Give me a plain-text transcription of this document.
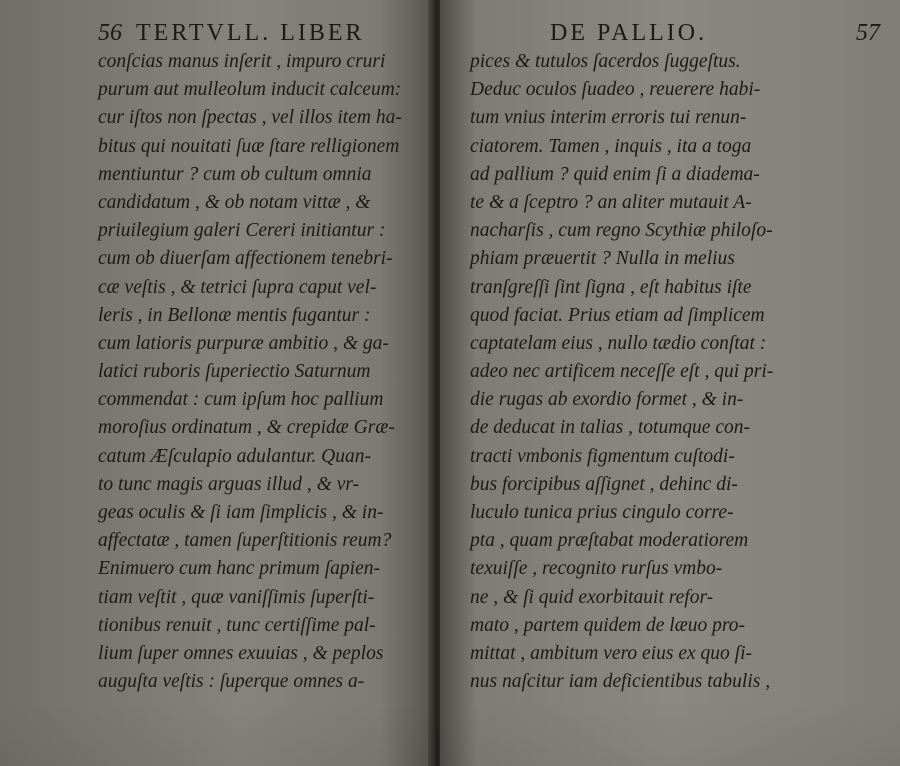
56 TERTVLL. LIBER
conſcias manus inſerit , impuro cruri
purum aut mulleolum inducit calceum:
cur iſtos non ſpectas , vel illos item ha-
bitus qui nouitati ſuæ ſtare relligionem
mentiuntur ? cum ob cultum omnia
candidatum , & ob notam vittæ , &
priuilegium galeri Cereri initiantur :
cum ob diuerſam affectionem tenebri-
cæ veſtis , & tetrici ſupra caput vel-
leris , in Bellonæ mentis fugantur :
cum latioris purpuræ ambitio , & ga-
latici ruboris ſuperiectio Saturnum
commendat : cum ipſum hoc pallium
moroſius ordinatum , & crepidæ Græ-
catum Æſculapio adulantur. Quan-
to tunc magis arguas illud , & vr-
geas oculis & ſi iam ſimplicis , & in-
affectatæ , tamen ſuperſtitionis reum?
Enimuero cum hanc primum ſapien-
tiam veſtit , quæ vaniſſimis ſuperſti-
tionibus renuit , tunc certiſſime pal-
lium ſuper omnes exuuias , & peplos
auguſta veſtis : ſuperque omnes a-
DE PALLIO.	57
pices & tutulos ſacerdos ſuggeſtus.
Deduc oculos ſuadeo , reuerere habi-
tum vnius interim erroris tui renun-
ciatorem. Tamen , inquis , ita a toga
ad pallium ? quid enim ſi a diadema-
te & a ſceptro ? an aliter mutauit A-
nacharſis , cum regno Scythiæ philoſo-
phiam præuertit ? Nulla in melius
tranſgreſſi ſint ſigna , eſt habitus iſte
quod faciat. Prius etiam ad ſimplicem
captatelam eius , nullo tædio conſtat :
adeo nec artificem neceſſe eſt , qui pri-
die rugas ab exordio formet , & in-
de deducat in talias , totumque con-
tracti vmbonis figmentum cuſtodi-
bus forcipibus aſſignet , dehinc di-
luculo tunica prius cingulo corre-
pta , quam præſtabat moderatiorem
texuiſſe , recognito rurſus vmbo-
ne , & ſi quid exorbitauit refor-
mato , partem quidem de læuo pro-
mittat , ambitum vero eius ex quo ſi-
nus naſcitur iam deficientibus tabulis ,
